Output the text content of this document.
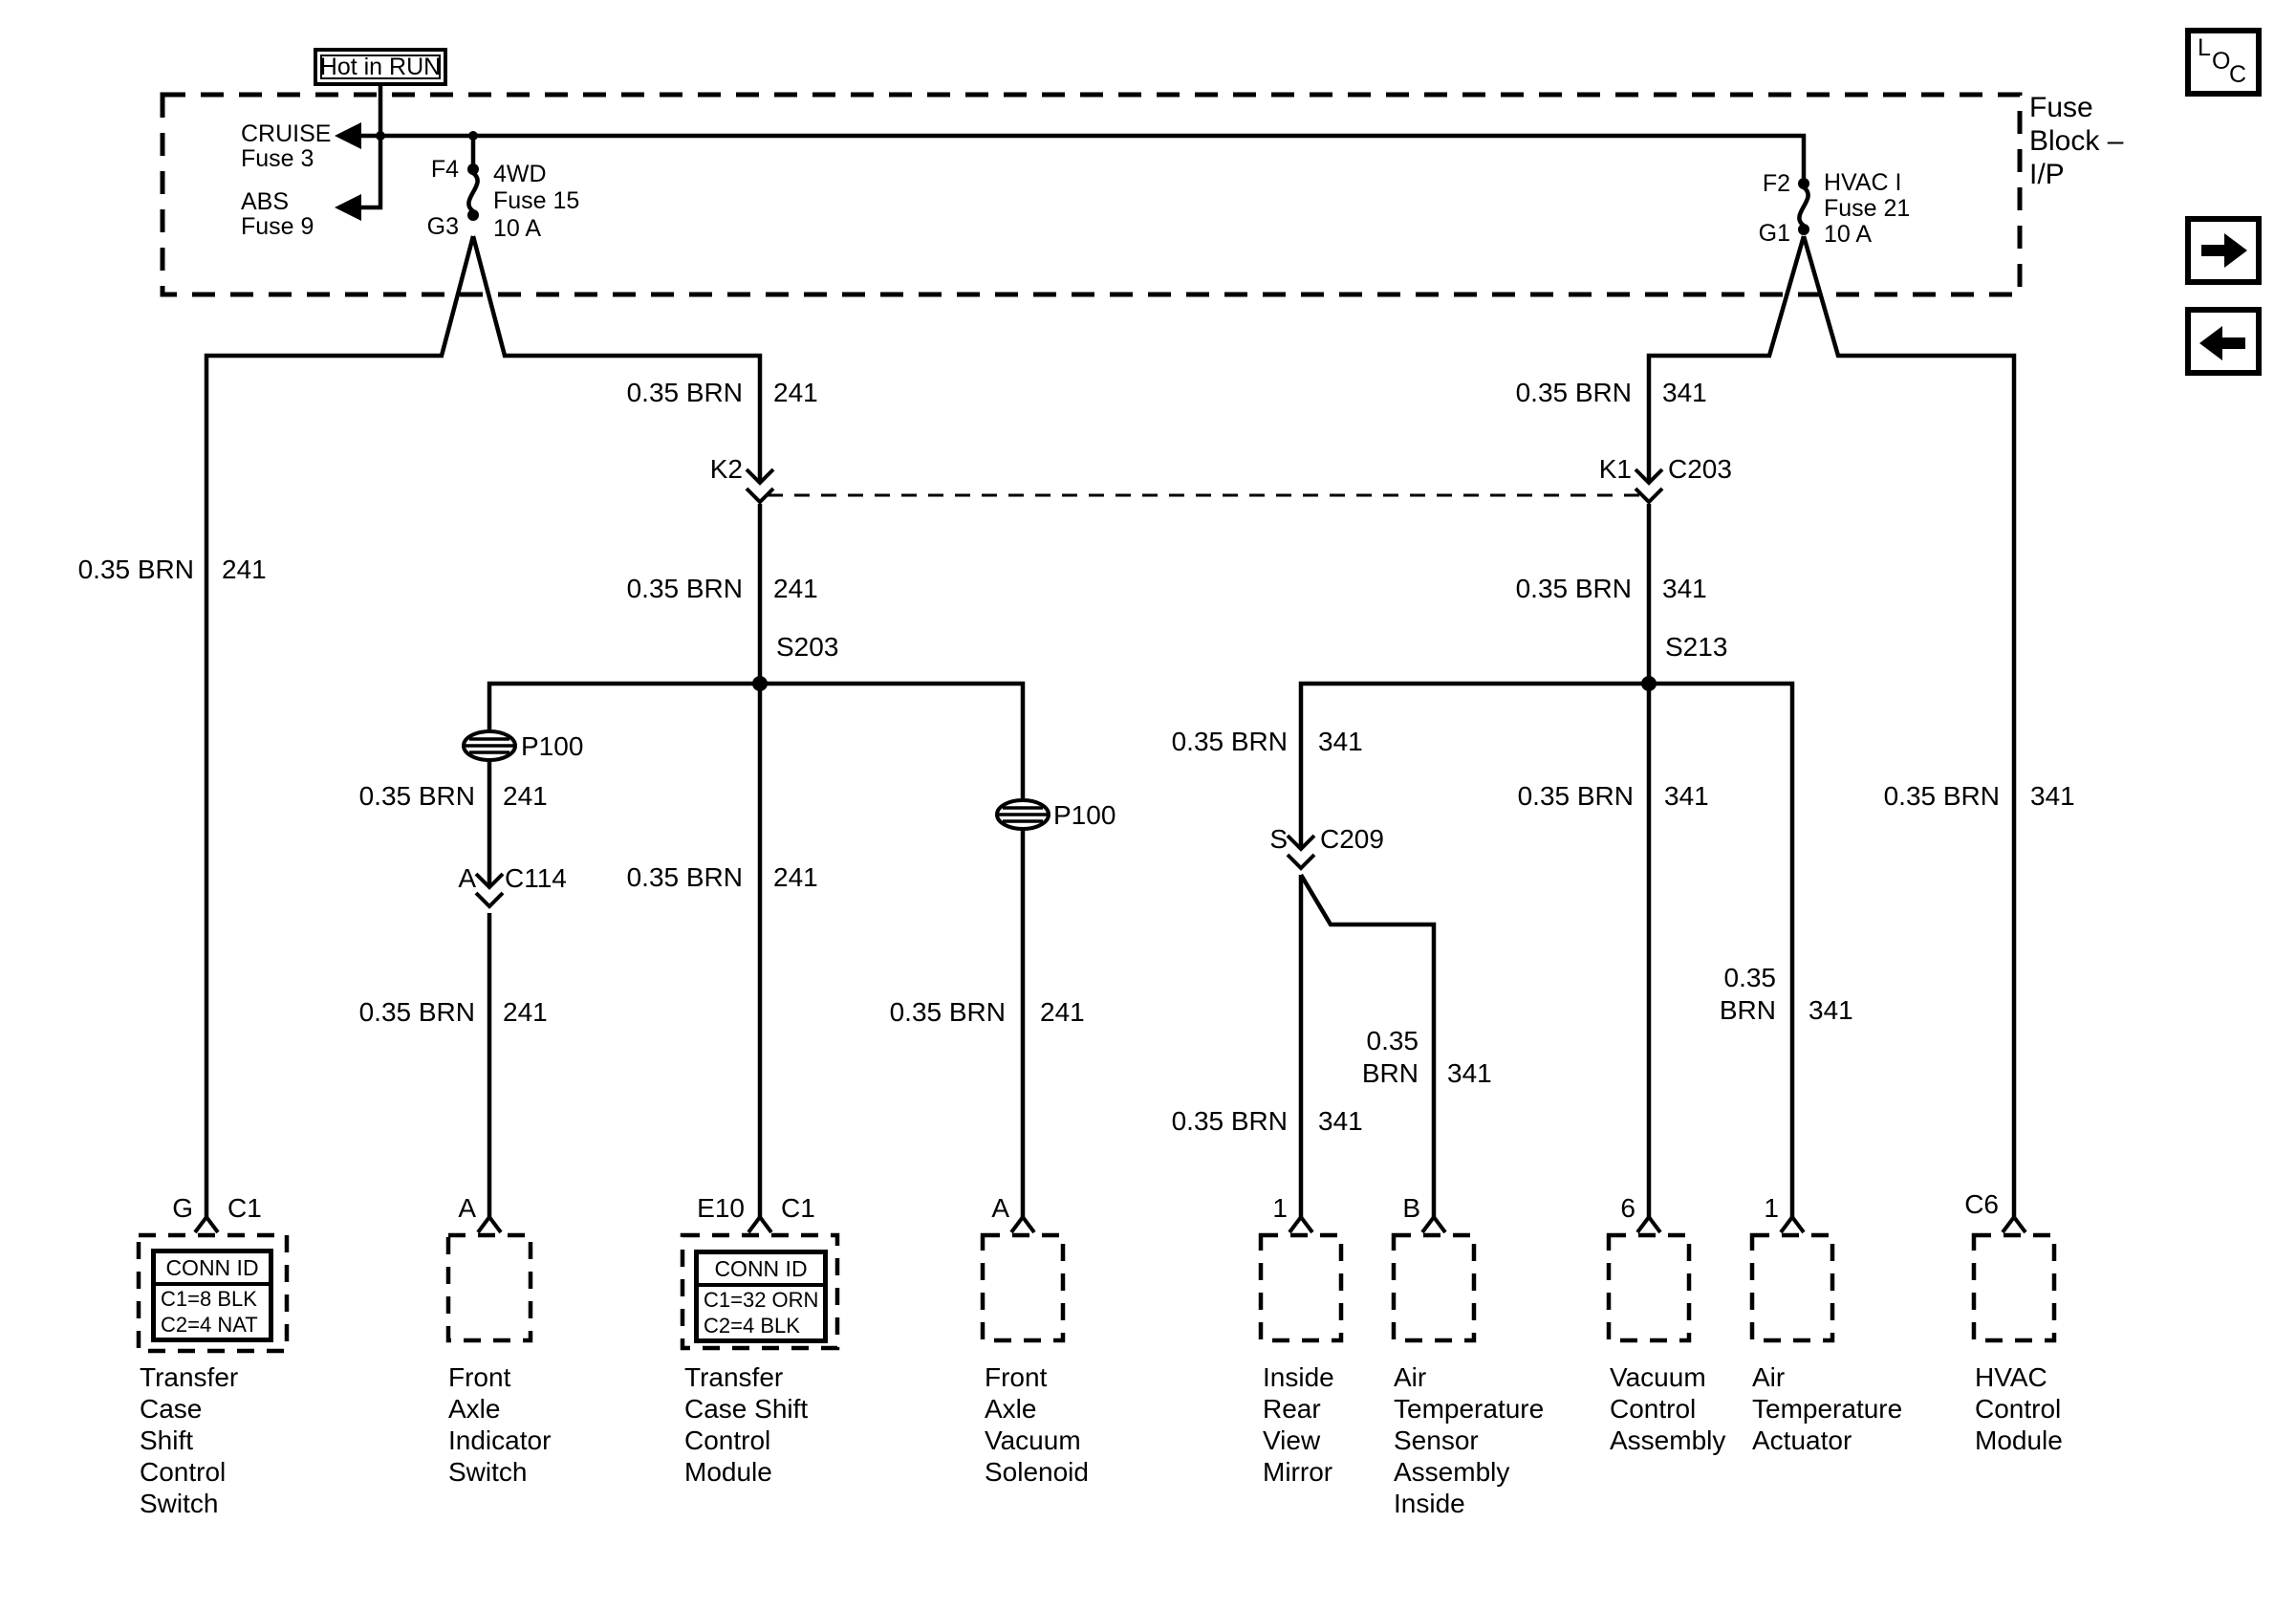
Hot in RUN
Fuse
Block –
I/P
CRUISE
Fuse 3
ABS
Fuse 9
F4
G3
4WD
Fuse 15
10 A
F2
G1
HVAC I
Fuse 21
10 A
L O
C
0.35 BRN 241
0.35 BRN 241
0.35 BRN 241
0.35 BRN 241
0.35 BRN 241
0.35 BRN 241
0.35 BRN 241
0.35 BRN 341
0.35 BRN 341
0.35 BRN 341
0.35 BRN 341
0.35
BRN 341
0.35 BRN 341
0.35
BRN 341
0.35 BRN 341
K2	K1 C203
S203	S213
A C114
S C209
P100
P100
G C1	A	E10 C1	A	1	B	6	1	C6
CONN ID
C1=8 BLK
C2=4 NAT
CONN ID
C1=32 ORN
C2=4 BLK
Transfer
Case
Shift
Control
Switch
Front
Axle
Indicator
Switch
Transfer
Case Shift
Control
Module
Front
Axle
Vacuum
Solenoid
Inside
Rear
View
Mirror
Air
Temperature
Sensor
Assembly
Inside
Vacuum
Control
Assembly
Air
Temperature
Actuator
HVAC
Control
Module
